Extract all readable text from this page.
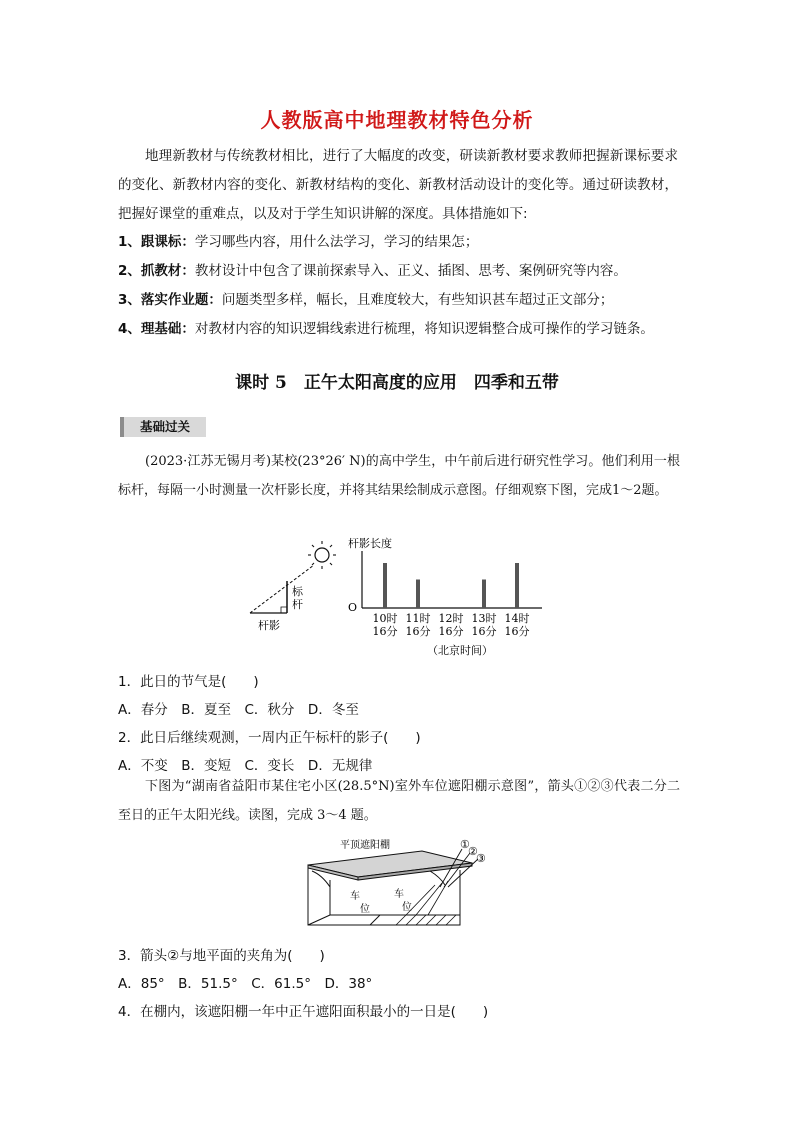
人教版高中地理教材特色分析
地理新教材与传统教材相比，进行了大幅度的改变，研读新教材要求教师把握新课标要求的变化、新教材内容的变化、新教材结构的变化、新教材活动设计的变化等。通过研读教材，把握好课堂的重难点，以及对于学生知识讲解的深度。具体措施如下:
1、跟课标：学习哪些内容，用什么法学习，学习的结果怎；
2、抓教材：教材设计中包含了课前探索导入、正义、插图、思考、案例研究等内容。
3、落实作业题：问题类型多样，幅长，且难度较大，有些知识甚车超过正文部分；
4、理基础：对教材内容的知识逻辑线索进行梳理，将知识逻辑整合成可操作的学习链条。
课时 5　正午太阳高度的应用　四季和五带
基础过关
(2023·江苏无锡月考)某校(23°26′ N)的高中学生，中午前后进行研究性学习。他们利用一根标杆，每隔一小时测量一次杆影长度，并将其结果绘制成示意图。仔细观察下图，完成1～2题。
标杆
杆影
杆影长度
O
10时
16分
11时
16分
12时
16分
13时
16分
14时
16分
（北京时间）
1．此日的节气是(　　)
A．春分　B．夏至　C．秋分　D．冬至
2．此日后继续观测，一周内正午标杆的影子(　　)
A．不变　B．变短　C．变长　D．无规律
下图为“湖南省益阳市某住宅小区(28.5°N)室外车位遮阳棚示意图”，箭头①②③代表二分二至日的正午太阳光线。读图，完成 3～4 题。
平顶遮阳棚	①
②
③
车位
车位
3．箭头②与地平面的夹角为(　　)
A．85°　B．51.5°　C．61.5°　D．38°
4．在棚内，该遮阳棚一年中正午遮阳面积最小的一日是(　　)
